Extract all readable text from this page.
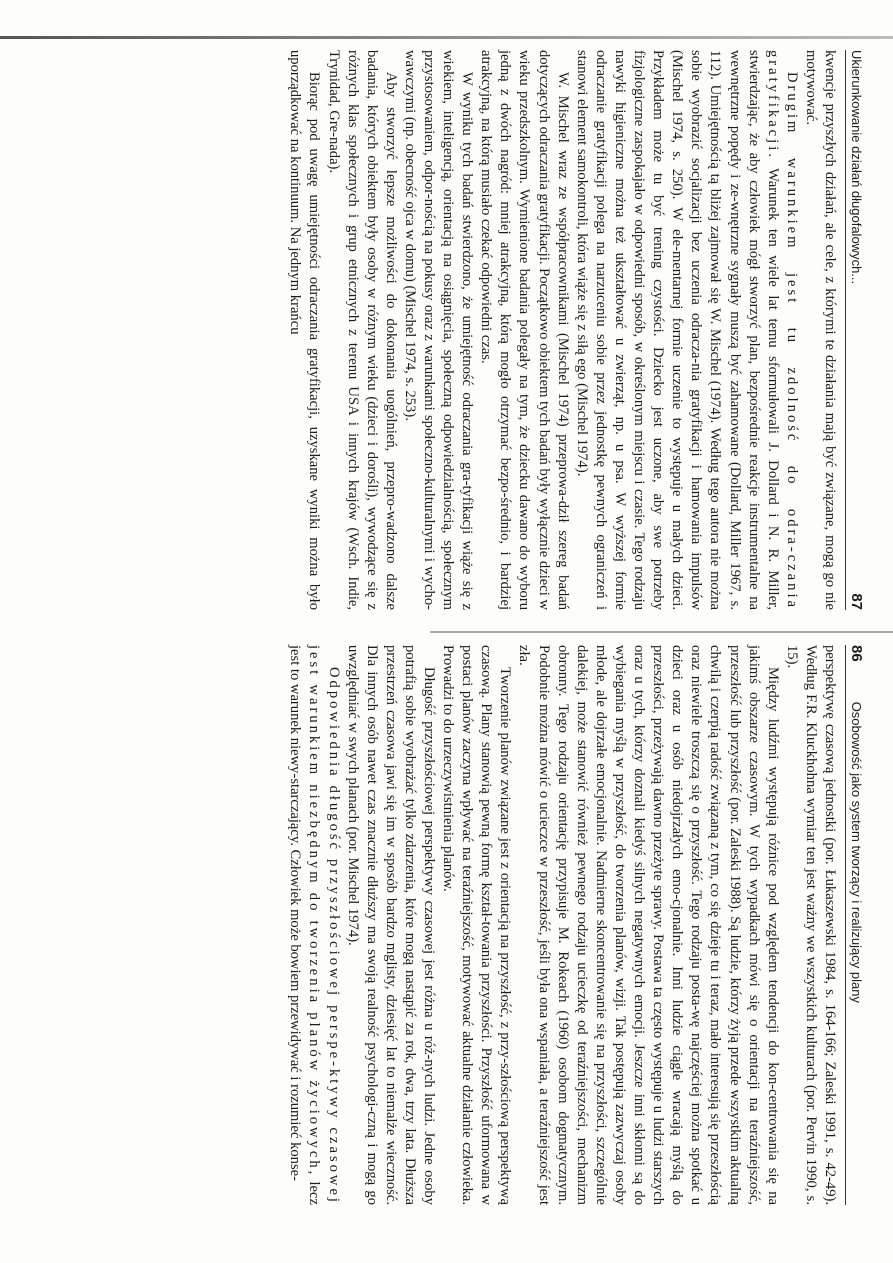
86
Osobowość jako system tworzący i realizujący plany

perspektywę czasową jednostki (por. Łukaszewski 1984, s. 164-166; Zaleski 1991, s. 42-49). Według F.R. Kluckhohna wymiar ten jest ważny we wszystkich kulturach (por. Pervin 1990, s. 15).

Między ludźmi występują różnice pod względem tendencji do kon-centrowania się na jakimś obszarze czasowym. W tych wypadkach mówi się o orientacji na teraźniejszość, przeszłość lub przyszłość (por. Zaleski 1988). Są ludzie, którzy żyją przede wszystkim aktualną chwilą i czerpią radość związaną z tym, co się dzieje tu i teraz, mało interesują się przeszłością oraz niewiele troszczą się o przyszłość. Tego rodzaju posta-wę najczęściej można spotkać u dzieci oraz u osób niedojrzałych emo-cjonalnie. Inni ludzie ciągle wracają myślą do przeszłości, przeżywają dawno przeżyte sprawy. Postawa ta często występuje u ludzi starszych oraz u tych, którzy doznali kiedyś silnych negatywnych emocji. Jeszcze inni skłonni są do wybiegania myślą w przyszłość, do tworzenia planów, wizji. Tak postępują zazwyczaj osoby młode, ale dojrzałe emocjonalnie. Nadmierne skoncentrowanie się na przyszłości, szczególnie dalekiej, może stanowić również pewnego rodzaju ucieczkę od teraźniejszości, mechanizm obronny. Tego rodzaju orientację przypisuje M. Rokeach (1960) osobom dogmatycznym. Podobnie można mówić o ucieczce w przeszłość, jeśli była ona wspaniała, a teraźniejszość jest zła.

Tworzenie planów związane jest z orientacją na przyszłość, z przy-szłościową perspektywą czasową. Plany stanowią pewną formę kształ-towania przyszłości. Przyszłość uformowana w postaci planów zaczyna wpływać na teraźniejszość, motywować aktualne działanie człowieka. Prowadzi to do urzeczywistnienia planów.

Długość przyszłościowej perspektywy czasowej jest różna u róż-nych ludzi. Jedne osoby potrafią sobie wyobrażać tylko zdarzenia, które mogą nastąpić za rok, dwa, trzy lata. Dłuższa przestrzeń czasowa jawi się im w sposób bardzo mglisty, dziesięć lat to niemalże wieczność. Dla innych osób nawet czas znacznie dłuższy ma swoją realność psychologi-czną i mogą go uwzględniać w swych planach (por. Mischel 1974).

Odpowiednia długość przyszłościowej perspe-ktywy czasowej jest warunkiem niezbędnym do tworzenia planów życiowych, lecz jest to warunek niewy-starczający. Człowiek może bowiem przewidywać i rozumieć konse-

Ukierunkowanie działań długofalowych...
87

kwencje przyszłych działań, ale cele, z którymi te działania mają być związane, mogą go nie motywować.

Drugim warunkiem jest tu zdolność do odra-czania gratyfikacji. Warunek ten wiele lat temu sformułowali J. Dollard i N. R. Miller, stwierdzając, że aby człowiek mógł stworzyć plan, bezpośrednie reakcje instrumentalne na wewnętrzne popędy i ze-wnętrzne sygnały muszą być zahamowane (Dollard, Miller 1967, s. 112). Umiejętnością tą bliżej zajmował się W. Mischel (1974). Według tego autora nie można sobie wyobrazić socjalizacji bez uczenia odracza-nia gratyfikacji i hamowania impulsów (Mischel 1974, s. 250). W ele-mentarnej formie uczenie to występuje u małych dzieci. Przykładem może tu być trening czystości. Dziecko jest uczone, aby swe potrzeby fizjologiczne zaspokajało w odpowiedni sposób, w określonym miejscu i czasie. Tego rodzaju nawyki higieniczne można też ukształtować u zwierząt, np. u psa. W wyższej formie odraczanie gratyfikacji polega na narzuceniu sobie przez jednostkę pewnych ograniczeń i stanowi element samokontroli, która wiąże się z siłą ego (Mischel 1974).

W. Mischel wraz ze współpracownikami (Mischel 1974) przeprowa-dził szereg badań dotyczących odraczania gratyfikacji. Początkowo obiektem tych badań były wyłącznie dzieci w wieku przedszkolnym. Wymienione badania polegały na tym, że dziecku dawano do wyboru jedną z dwóch nagród: mniej atrakcyjną, którą mogło otrzymać bezpo-średnio, i bardziej atrakcyjną, na którą musiało czekać odpowiedni czas.

W wyniku tych badań stwierdzono, że umiejętność odraczania gra-tyfikacji wiąże się z wiekiem, inteligencją, orientacją na osiągnięcia, społeczną odpowiedzialnością, społecznym przystosowaniem, odpor-nością na pokusy oraz z warunkami społeczno-kulturalnymi i wycho-wawczymi (np. obecność ojca w domu) (Mischel 1974, s. 253).

Aby stworzyć lepsze możliwości do dokonania uogólnień, przepro-wadzono dalsze badania, których obiektem były osoby w różnym wieku (dzieci i dorośli), wywodzące się z różnych klas społecznych i grup etnicznych z terenu USA i innych krajów (Wsch. Indie, Trynidad, Gre-nada).

Biorąc pod uwagę umiejętności odraczania gratyfikacji, uzyskane wyniki można było uporządkować na kontinuum. Na jednym krańcu
